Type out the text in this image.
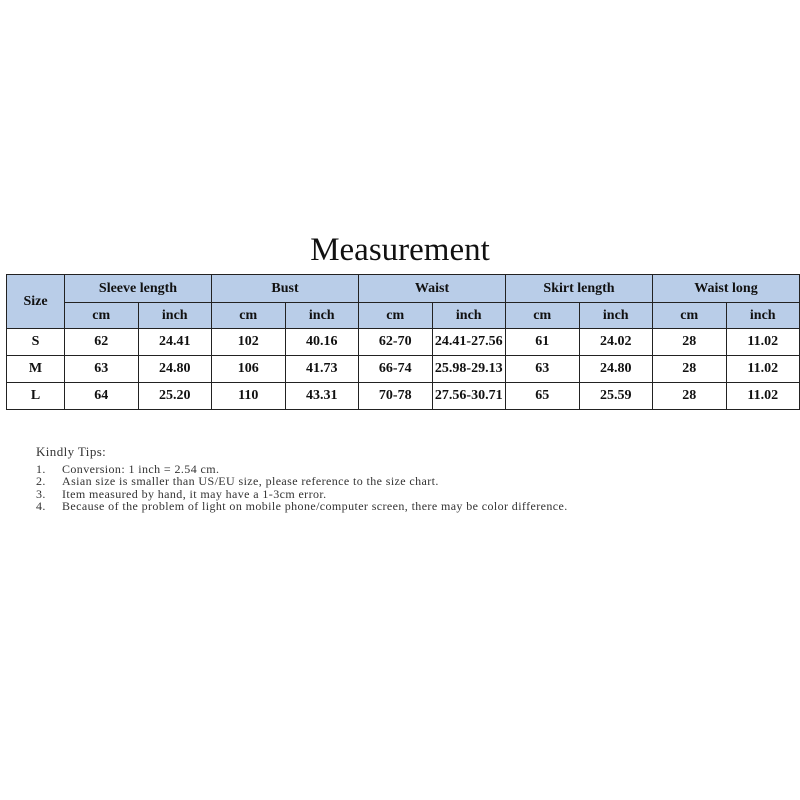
Measurement
Size	Sleeve length		Bust		Waist		Skirt length		Waist long	
	cm	inch	cm	inch	cm	inch	cm	inch	cm	inch
S	62	24.41	102	40.16	62-70	24.41-27.56	61	24.02	28	11.02
M	63	24.80	106	41.73	66-74	25.98-29.13	63	24.80	28	11.02
L	64	25.20	110	43.31	70-78	27.56-30.71	65	25.59	28	11.02
Kindly Tips:
1.	Conversion: 1 inch = 2.54 cm.
2.	Asian size is smaller than US/EU size, please reference to the size chart.
3.	Item measured by hand, it may have a 1-3cm error.
4.	Because of the problem of light on mobile phone/computer screen, there may be color difference.
